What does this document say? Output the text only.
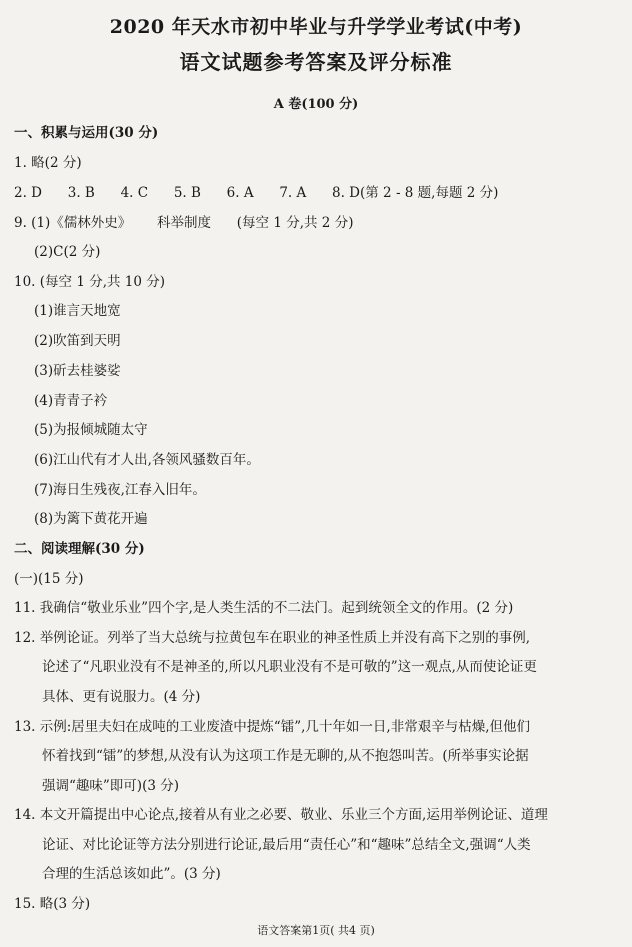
2020 年天水市初中毕业与升学学业考试(中考)
语文试题参考答案及评分标准
A 卷(100 分)
一、积累与运用(30 分)
1. 略(2 分)
2. D      3. B      4. C      5. B      6. A      7. A      8. D(第 2 - 8 题,每题 2 分)
9. (1)《儒林外史》      科举制度      (每空 1 分,共 2 分)
(2)C(2 分)
10. (每空 1 分,共 10 分)
(1)谁言天地宽
(2)吹笛到天明
(3)斫去桂婆娑
(4)青青子衿
(5)为报倾城随太守
(6)江山代有才人出,各领风骚数百年。
(7)海日生残夜,江春入旧年。
(8)为篱下黄花开遍
二、阅读理解(30 分)
(一)(15 分)
11. 我确信“敬业乐业”四个字,是人类生活的不二法门。起到统领全文的作用。(2 分)
12. 举例论证。列举了当大总统与拉黄包车在职业的神圣性质上并没有高下之别的事例,
论述了“凡职业没有不是神圣的,所以凡职业没有不是可敬的”这一观点,从而使论证更
具体、更有说服力。(4 分)
13. 示例:居里夫妇在成吨的工业废渣中提炼“镭”,几十年如一日,非常艰辛与枯燥,但他们
怀着找到“镭”的梦想,从没有认为这项工作是无聊的,从不抱怨叫苦。(所举事实论据
强调“趣味”即可)(3 分)
14. 本文开篇提出中心论点,接着从有业之必要、敬业、乐业三个方面,运用举例论证、道理
论证、对比论证等方法分别进行论证,最后用“责任心”和“趣味”总结全文,强调“人类
合理的生活总该如此”。(3 分)
15. 略(3 分)
语文答案第1页( 共4 页)
